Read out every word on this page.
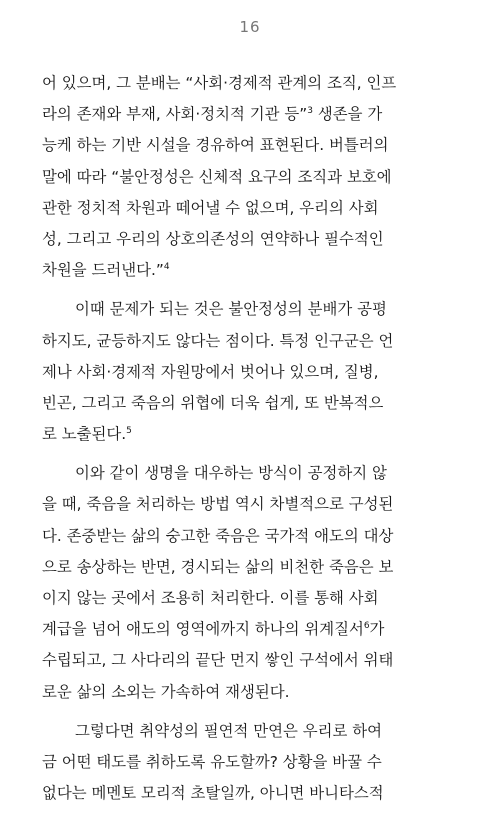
16
어 있으며, 그 분배는 “사회·경제적 관계의 조직, 인프
라의 존재와 부재, 사회·정치적 기관 등”$^3$ 생존을 가
능케 하는 기반 시설을 경유하여 표현된다. 버틀러의
말에 따라 “불안정성은 신체적 요구의 조직과 보호에
관한 정치적 차원과 떼어낼 수 없으며, 우리의 사회
성, 그리고 우리의 상호의존성의 연약하나 필수적인
차원을 드러낸다.”$^4$
이때 문제가 되는 것은 불안정성의 분배가 공평
하지도, 균등하지도 않다는 점이다. 특정 인구군은 언
제나 사회·경제적 자원망에서 벗어나 있으며, 질병,
빈곤, 그리고 죽음의 위협에 더욱 쉽게, 또 반복적으
로 노출된다.$^5$
이와 같이 생명을 대우하는 방식이 공정하지 않
을 때, 죽음을 처리하는 방법 역시 차별적으로 구성된
다. 존중받는 삶의 숭고한 죽음은 국가적 애도의 대상
으로 송상하는 반면, 경시되는 삶의 비천한 죽음은 보
이지 않는 곳에서 조용히 처리한다. 이를 통해 사회
계급을 넘어 애도의 영역에까지 하나의 위계질서$^6$가
수립되고, 그 사다리의 끝단 먼지 쌓인 구석에서 위태
로운 삶의 소외는 가속하여 재생된다.
그렇다면 취약성의 필연적 만연은 우리로 하여
금 어떤 태도를 취하도록 유도할까? 상황을 바꿀 수
없다는 메멘토 모리적 초탈일까, 아니면 바니타스적
